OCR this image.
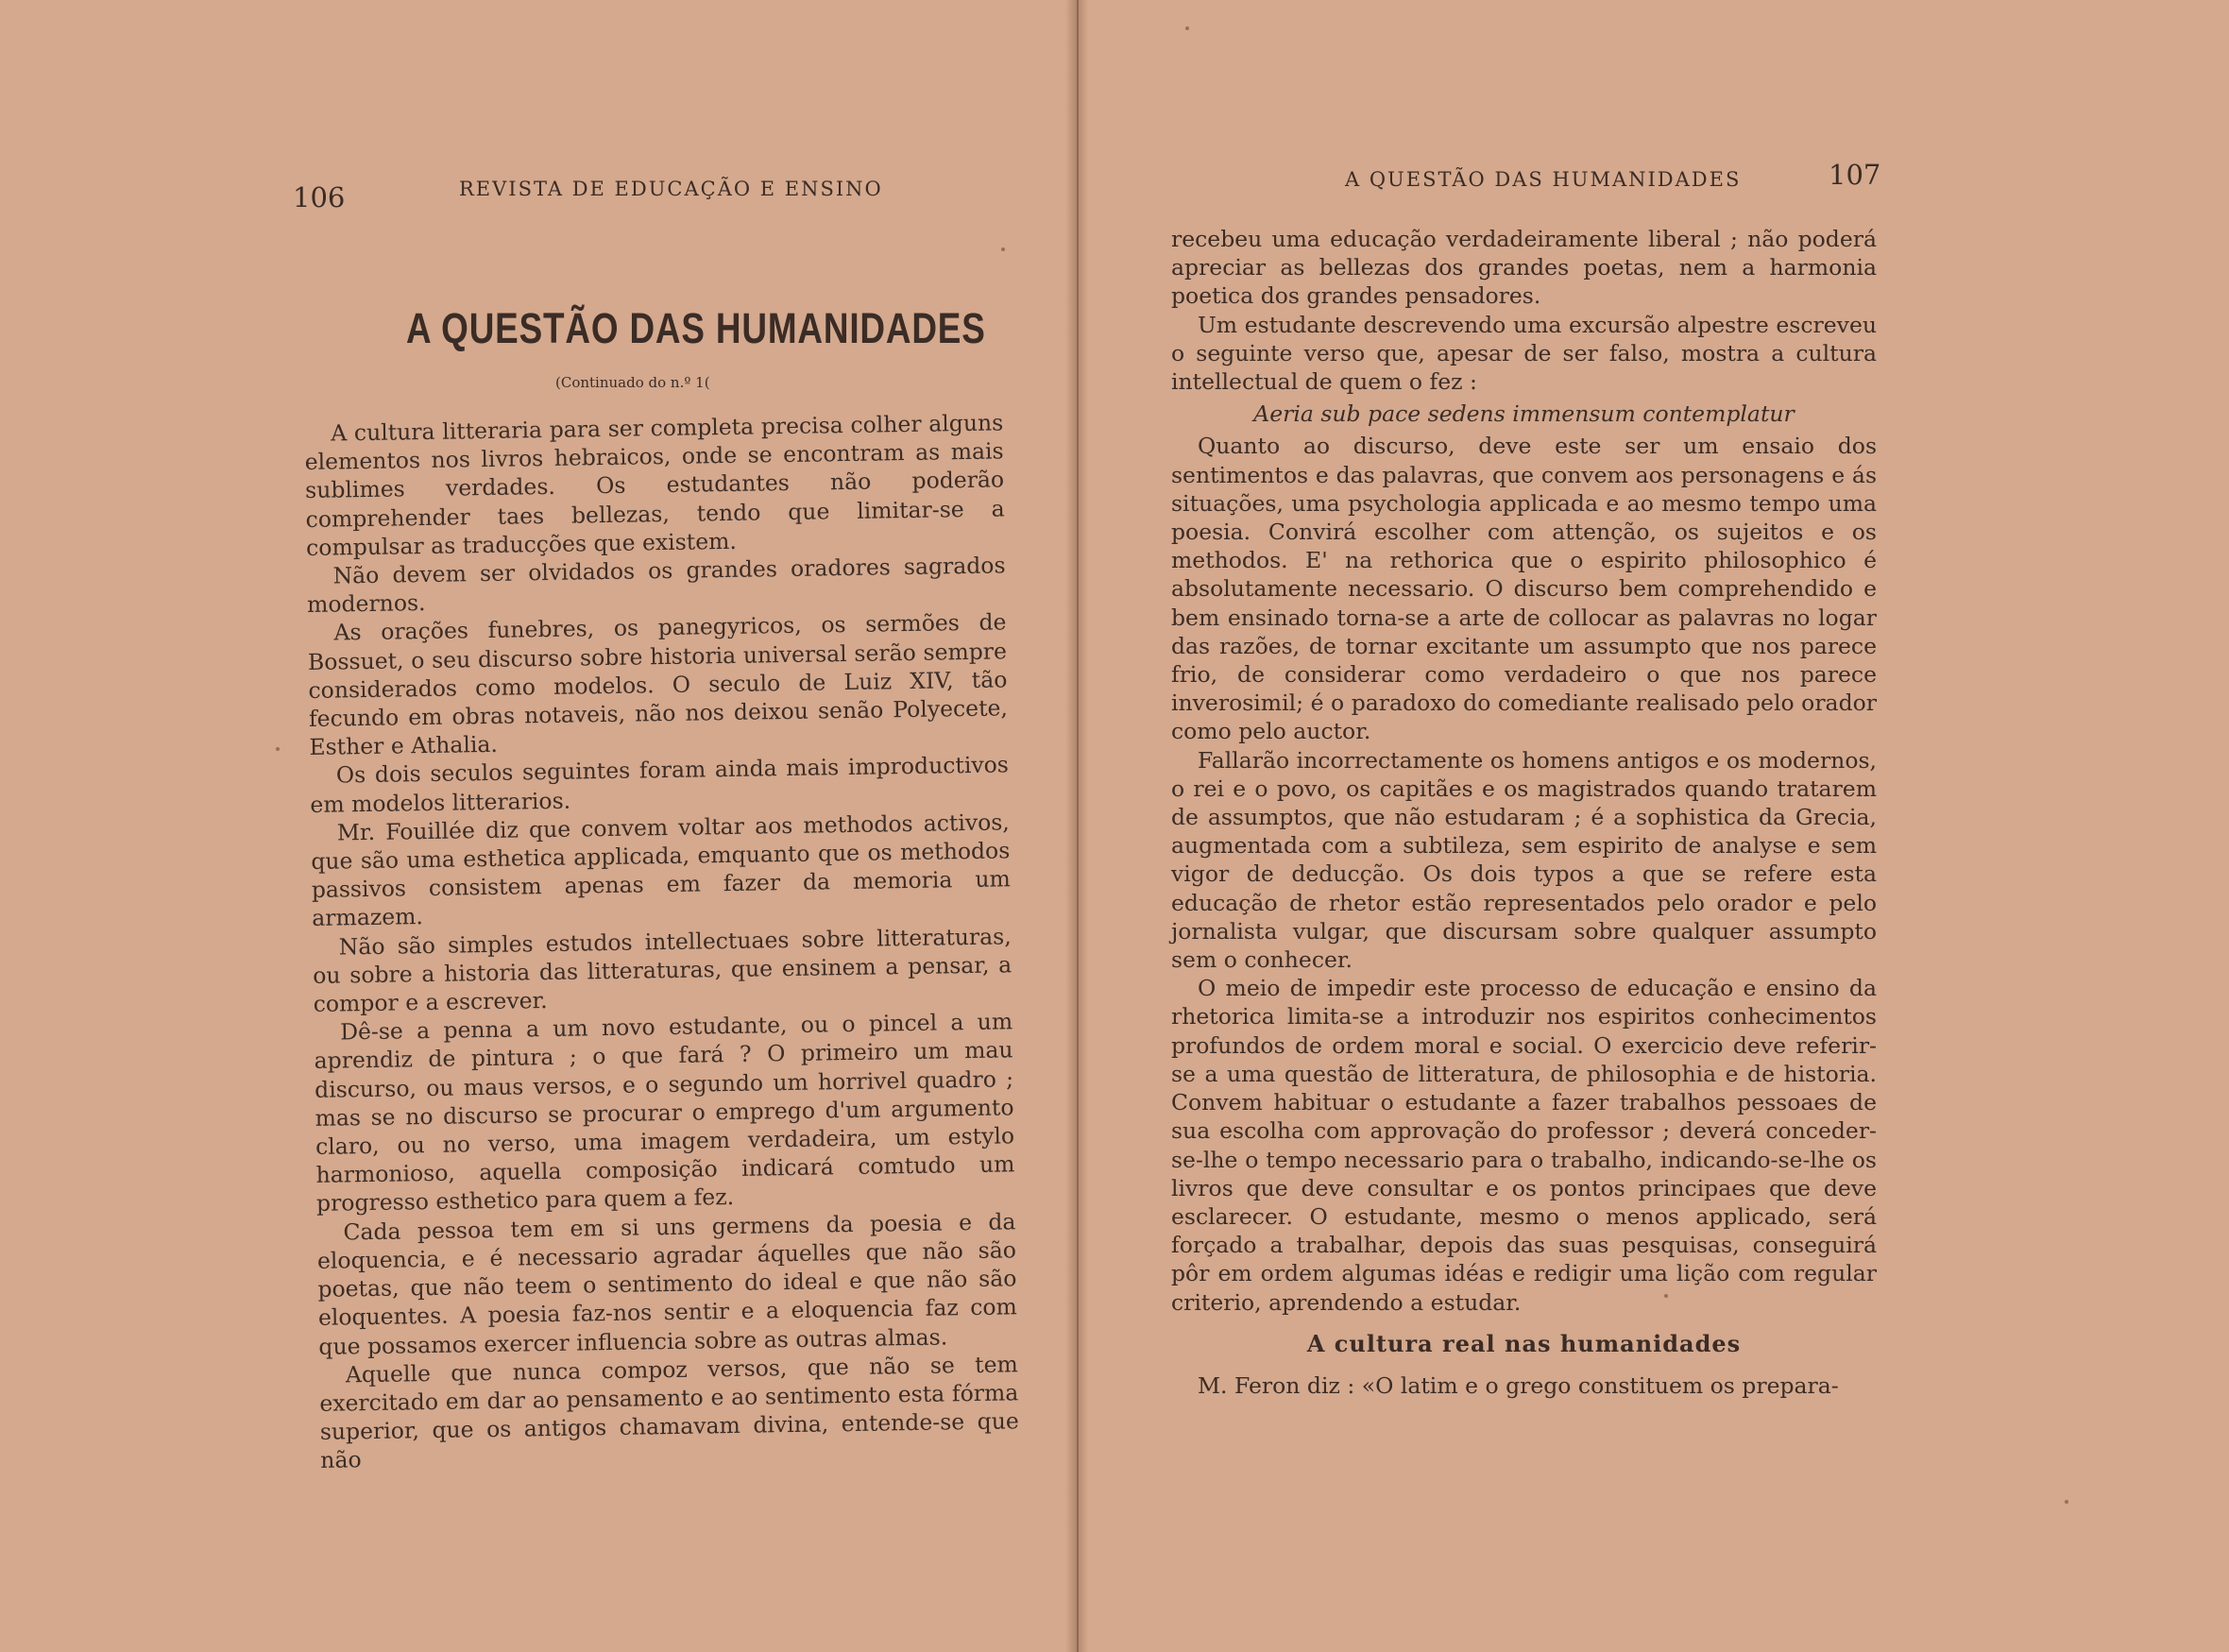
106	REVISTA DE EDUCAÇÃO E ENSINO
A QUESTÃO DAS HUMANIDADES
(Continuado do n.º 1(

A cultura litteraria para ser completa precisa colher alguns elementos nos livros hebraicos, onde se encontram as mais sublimes verdades. Os estudantes não poderão comprehender taes bellezas, tendo que limitar-se a compulsar as traducções que existem.

Não devem ser olvidados os grandes oradores sagrados modernos.

As orações funebres, os panegyricos, os sermões de Bossuet, o seu discurso sobre historia universal serão sempre considerados como modelos. O seculo de Luiz XIV, tão fecundo em obras notaveis, não nos deixou senão Polyecete, Esther e Athalia.

Os dois seculos seguintes foram ainda mais improductivos em modelos litterarios.

Mr. Fouillée diz que convem voltar aos methodos activos, que são uma esthetica applicada, emquanto que os methodos passivos consistem apenas em fazer da memoria um armazem.

Não são simples estudos intellectuaes sobre litteraturas, ou sobre a historia das litteraturas, que ensinem a pensar, a compor e a escrever.

Dê-se a penna a um novo estudante, ou o pincel a um aprendiz de pintura ; o que fará ? O primeiro um mau discurso, ou maus versos, e o segundo um horrivel quadro ; mas se no discurso se procurar o emprego d'um argumento claro, ou no verso, uma imagem verdadeira, um estylo harmonioso, aquella composição indicará comtudo um progresso esthetico para quem a fez.

Cada pessoa tem em si uns germens da poesia e da eloquencia, e é necessario agradar áquelles que não são poetas, que não teem o sentimento do ideal e que não são eloquentes. A poesia faz-nos sentir e a eloquencia faz com que possamos exercer influencia sobre as outras almas.

Aquelle que nunca compoz versos, que não se tem exercitado em dar ao pensamento e ao sentimento esta fórma superior, que os antigos chamavam divina, entende-se que não

A QUESTÃO DAS HUMANIDADES	107

recebeu uma educação verdadeiramente liberal ; não poderá apreciar as bellezas dos grandes poetas, nem a harmonia poetica dos grandes pensadores.

Um estudante descrevendo uma excursão alpestre escreveu o seguinte verso que, apesar de ser falso, mostra a cultura intellectual de quem o fez :

Aeria sub pace sedens immensum contemplatur

Quanto ao discurso, deve este ser um ensaio dos sentimentos e das palavras, que convem aos personagens e ás situações, uma psychologia applicada e ao mesmo tempo uma poesia. Convirá escolher com attenção, os sujeitos e os methodos. E' na rethorica que o espirito philosophico é absolutamente necessario. O discurso bem comprehendido e bem ensinado torna-se a arte de collocar as palavras no logar das razões, de tornar excitante um assumpto que nos parece frio, de considerar como verdadeiro o que nos parece inverosimil; é o paradoxo do comediante realisado pelo orador como pelo auctor.

Fallarão incorrectamente os homens antigos e os modernos, o rei e o povo, os capitães e os magistrados quando tratarem de assumptos, que não estudaram ; é a sophistica da Grecia, augmentada com a subtileza, sem espirito de analyse e sem vigor de deducção. Os dois typos a que se refere esta educação de rhetor estão representados pelo orador e pelo jornalista vulgar, que discursam sobre qualquer assumpto sem o conhecer.

O meio de impedir este processo de educação e ensino da rhetorica limita-se a introduzir nos espiritos conhecimentos profundos de ordem moral e social. O exercicio deve referir-se a uma questão de litteratura, de philosophia e de historia. Convem habituar o estudante a fazer trabalhos pessoaes de sua escolha com approvação do professor ; deverá conceder-se-lhe o tempo necessario para o trabalho, indicando-se-lhe os livros que deve consultar e os pontos principaes que deve esclarecer. O estudante, mesmo o menos applicado, será forçado a trabalhar, depois das suas pesquisas, conseguirá pôr em ordem algumas idéas e redigir uma lição com regular criterio, aprendendo a estudar.

A cultura real nas humanidades

M. Feron diz : «O latim e o grego constituem os prepara-
